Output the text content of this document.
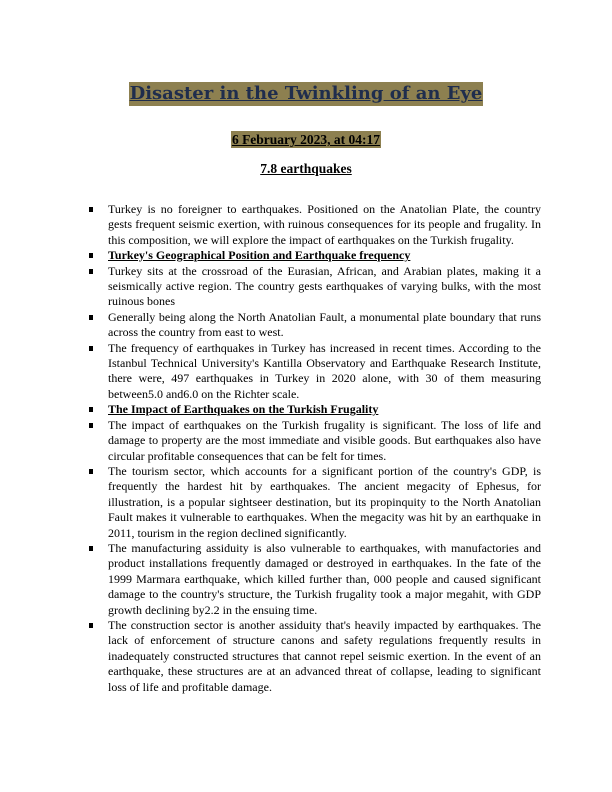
Disaster in the Twinkling of an Eye
6 February 2023, at 04:17
7.8 earthquakes
Turkey is no foreigner to earthquakes. Positioned on the Anatolian Plate, the country gests frequent seismic exertion, with ruinous consequences for its people and frugality. In this composition, we will explore the impact of earthquakes on the Turkish frugality.
Turkey's Geographical Position and Earthquake frequency
Turkey sits at the crossroad of the Eurasian, African, and Arabian plates, making it a seismically active region. The country gests earthquakes of varying bulks, with the most ruinous bones
Generally being along the North Anatolian Fault, a monumental plate boundary that runs across the country from east to west.
The frequency of earthquakes in Turkey has increased in recent times. According to the Istanbul Technical University's Kantilla Observatory and Earthquake Research Institute, there were, 497 earthquakes in Turkey in 2020 alone, with 30 of them measuring between5.0 and6.0 on the Richter scale.
The Impact of Earthquakes on the Turkish Frugality
The impact of earthquakes on the Turkish frugality is significant. The loss of life and damage to property are the most immediate and visible goods. But earthquakes also have circular profitable consequences that can be felt for times.
The tourism sector, which accounts for a significant portion of the country's GDP, is frequently the hardest hit by earthquakes. The ancient megacity of Ephesus, for illustration, is a popular sightseer destination, but its propinquity to the North Anatolian Fault makes it vulnerable to earthquakes. When the megacity was hit by an earthquake in 2011, tourism in the region declined significantly.
The manufacturing assiduity is also vulnerable to earthquakes, with manufactories and product installations frequently damaged or destroyed in earthquakes. In the fate of the 1999 Marmara earthquake, which killed further than, 000 people and caused significant damage to the country's structure, the Turkish frugality took a major megahit, with GDP growth declining by2.2 in the ensuing time.
The construction sector is another assiduity that's heavily impacted by earthquakes. The lack of enforcement of structure canons and safety regulations frequently results in inadequately constructed structures that cannot repel seismic exertion. In the event of an earthquake, these structures are at an advanced threat of collapse, leading to significant loss of life and profitable damage.
